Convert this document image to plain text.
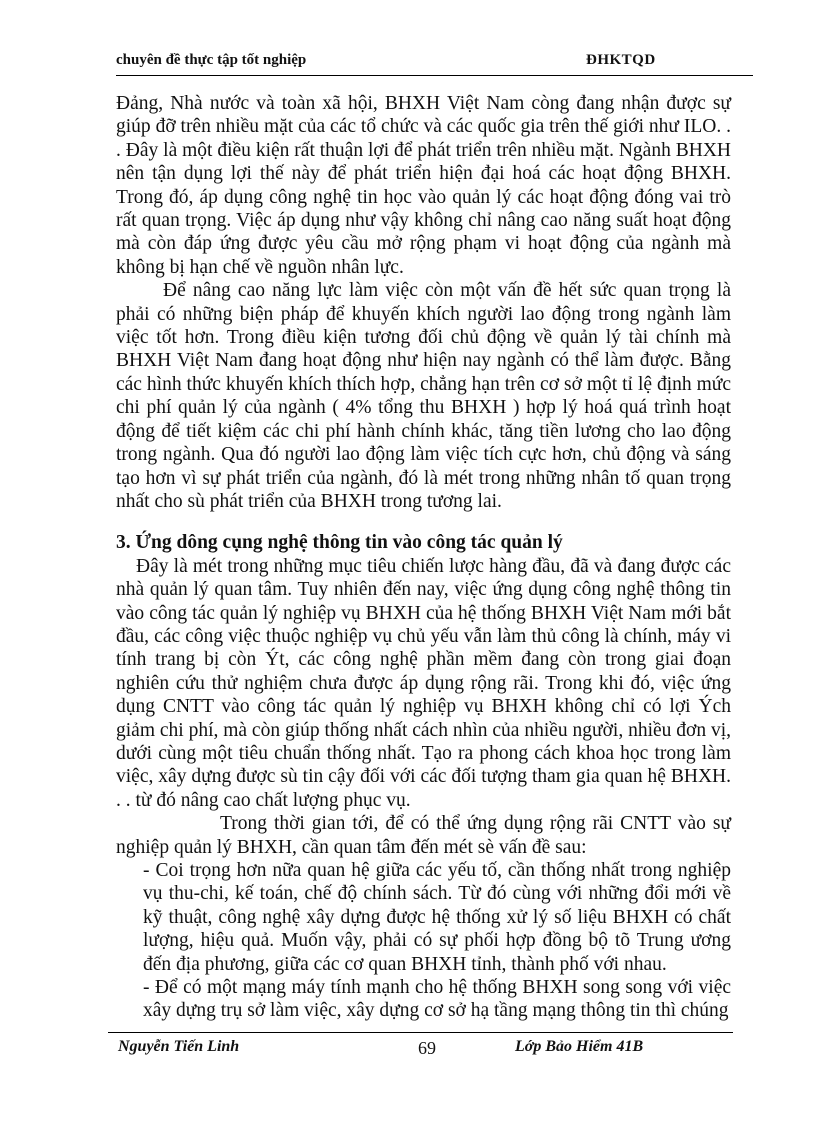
chuyên đề thực tập tốt nghiệp	ĐHKTQD

Đảng, Nhà nước và toàn xã hội, BHXH Việt Nam còng đang nhận được sự giúp đỡ trên nhiều mặt của các tổ chức và các quốc gia trên thế giới như ILO. . . Đây là một điều kiện rất thuận lợi để phát triển trên nhiều mặt. Ngành BHXH nên tận dụng lợi thế này để phát triển hiện đại hoá các hoạt động BHXH. Trong đó, áp dụng công nghệ tin học vào quản lý các hoạt động đóng vai trò rất quan trọng. Việc áp dụng như vậy không chỉ nâng cao năng suất hoạt động mà còn đáp ứng được yêu cầu mở rộng phạm vi hoạt động của ngành mà không bị hạn chế về nguồn nhân lực.

Để nâng cao năng lực làm việc còn một vấn đề hết sức quan trọng là phải có những biện pháp để khuyến khích người lao động trong ngành làm việc tốt hơn. Trong điều kiện tương đối chủ động về quản lý tài chính mà BHXH Việt Nam đang hoạt động như hiện nay ngành có thể làm được. Bằng các hình thức khuyến khích thích hợp, chẳng hạn trên cơ sở một tỉ lệ định mức chi phí quản lý của ngành ( 4% tổng thu BHXH ) hợp lý hoá quá trình hoạt động để tiết kiệm các chi phí hành chính khác, tăng tiền lương cho lao động trong ngành. Qua đó người lao động làm việc tích cực hơn, chủ động và sáng tạo hơn vì sự phát triển của ngành, đó là mét trong những nhân tố quan trọng nhất cho sù phát triển của BHXH trong tương lai.

3. Ứng dông cụng nghệ thông tin vào công tác quản lý

Đây là mét trong những mục tiêu chiến lược hàng đầu, đã và đang được các nhà quản lý quan tâm. Tuy nhiên đến nay, việc ứng dụng công nghệ thông tin vào công tác quản lý nghiệp vụ BHXH của hệ thống BHXH Việt Nam mới bắt đầu, các công việc thuộc nghiệp vụ chủ yếu vẫn làm thủ công là chính, máy vi tính trang bị còn Ýt, các công nghệ phần mềm đang còn trong giai đoạn nghiên cứu thử nghiệm chưa được áp dụng rộng rãi. Trong khi đó, việc ứng dụng CNTT vào công tác quản lý nghiệp vụ BHXH không chỉ có lợi Ých giảm chi phí, mà còn giúp thống nhất cách nhìn của nhiều người, nhiều đơn vị, dưới cùng một tiêu chuẩn thống nhất. Tạo ra phong cách khoa học trong làm việc, xây dựng được sù tin cậy đối với các đối tượng tham gia quan hệ BHXH. . . từ đó nâng cao chất lượng phục vụ.

Trong thời gian tới, để có thể ứng dụng rộng rãi CNTT vào sự nghiệp quản lý BHXH, cần quan tâm đến mét sè vấn đề sau:

- Coi trọng hơn nữa quan hệ giữa các yếu tố, cần thống nhất trong nghiệp vụ thu-chi, kế toán, chế độ chính sách. Từ đó cùng với những đổi mới về kỹ thuật, công nghệ xây dựng được hệ thống xử lý số liệu BHXH có chất lượng, hiệu quả. Muốn vậy, phải có sự phối hợp đồng bộ tõ Trung ương đến địa phương, giữa các cơ quan BHXH tỉnh, thành phố với nhau.

- Để có một mạng máy tính mạnh cho hệ thống BHXH song song với việc xây dựng trụ sở làm việc, xây dựng cơ sở hạ tầng mạng thông tin thì chúng

Nguyễn Tiến Linh	69	Lớp Bảo Hiểm 41B
